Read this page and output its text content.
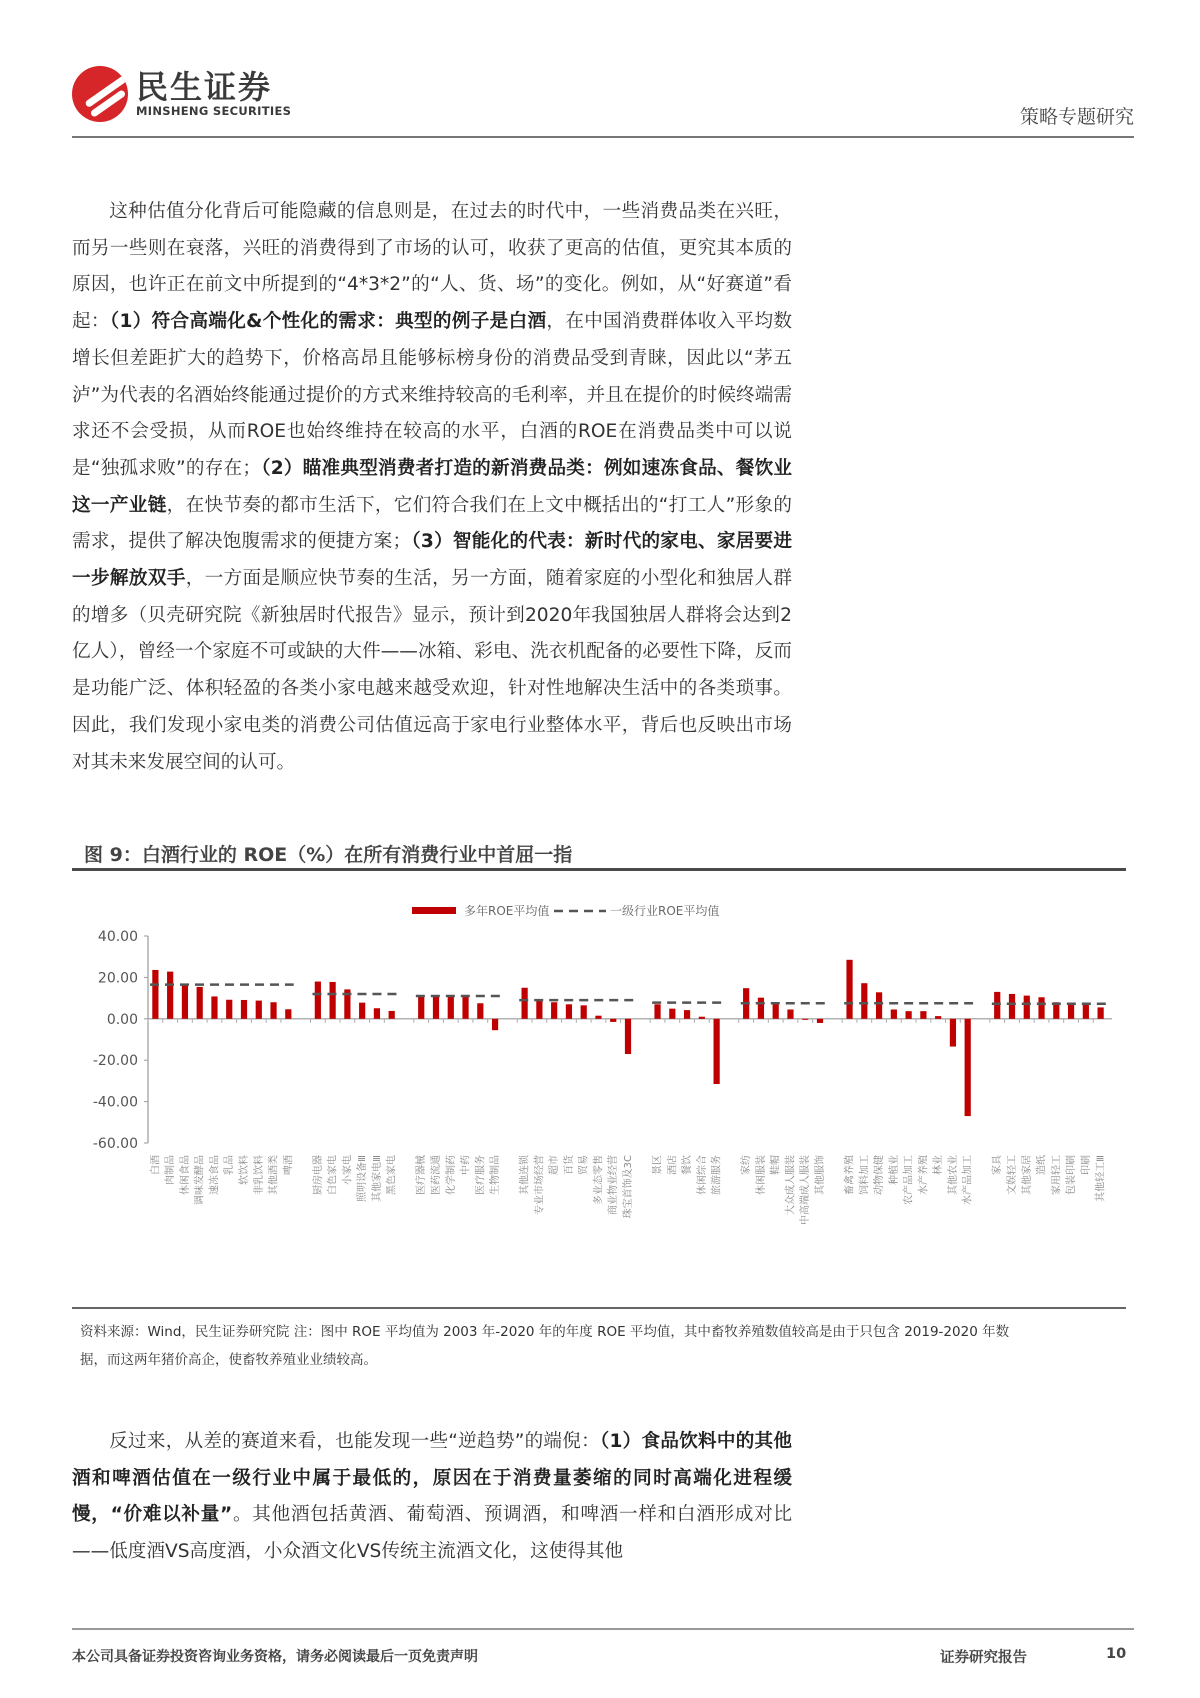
民生证券
MINSHENG SECURITIES	策略专题研究

这种估值分化背后可能隐藏的信息则是，在过去的时代中，一些消费品类在兴旺，而另一些则在衰落，兴旺的消费得到了市场的认可，收获了更高的估值，更究其本质的原因，也许正在前文中所提到的“4*3*2”的“人、货、场”的变化。例如，从“好赛道”看起：（1）符合高端化&个性化的需求：典型的例子是白酒，在中国消费群体收入平均数增长但差距扩大的趋势下，价格高昂且能够标榜身份的消费品受到青睐，因此以“茅五泸”为代表的名酒始终能通过提价的方式来维持较高的毛利率，并且在提价的时候终端需求还不会受损，从而ROE也始终维持在较高的水平，白酒的ROE在消费品类中可以说是“独孤求败”的存在；（2）瞄准典型消费者打造的新消费品类：例如速冻食品、餐饮业这一产业链，在快节奏的都市生活下，它们符合我们在上文中概括出的“打工人”形象的需求，提供了解决饱腹需求的便捷方案；（3）智能化的代表：新时代的家电、家居要进一步解放双手，一方面是顺应快节奏的生活，另一方面，随着家庭的小型化和独居人群的增多（贝壳研究院《新独居时代报告》显示，预计到2020年我国独居人群将会达到2亿人），曾经一个家庭不可或缺的大件——冰箱、彩电、洗衣机配备的必要性下降，反而是功能广泛、体积轻盈的各类小家电越来越受欢迎，针对性地解决生活中的各类琐事。因此，我们发现小家电类的消费公司估值远高于家电行业整体水平，背后也反映出市场对其未来发展空间的认可。

图 9：白酒行业的 ROE（%）在所有消费行业中首屈一指
多年ROE平均值	一级行业ROE平均值
40.00
20.00
0.00
-20.00
-40.00
-60.00
白酒 肉制品 休闲食品 调味发酵品 速冻食品 乳品 软饮料 非乳饮料 其他酒类 啤酒 厨房电器 白色家电 小家电 照明设备Ⅲ 其他家电Ⅲ 黑色家电 医疗器械 医药流通 化学制药 中药 医疗服务 生物制品 其他连锁 专业市场经营 超市 百货 贸易 多业态零售 商业物业经营 珠宝首饰及3C 景区 酒店 餐饮 休闲综合 旅游服务 家纺 休闲服装 鞋帽 大众成人服装 中高端成人服装 其他服饰 畜禽养殖 饲料加工 动物保健 种植业 农产品加工 水产养殖 林业 其他农业 水产品加工 家具 文娱轻工 其他家居 造纸 家用轻工 包装印刷 印刷 其他轻工Ⅲ
资料来源：Wind，民生证券研究院 注：图中 ROE 平均值为 2003 年-2020 年的年度 ROE 平均值，其中畜牧养殖数值较高是由于只包含 2019-2020 年数
据，而这两年猪价高企，使畜牧养殖业业绩较高。

反过来，从差的赛道来看，也能发现一些“逆趋势”的端倪：（1）食品饮料中的其他酒和啤酒估值在一级行业中属于最低的，原因在于消费量萎缩的同时高端化进程缓慢，“价难以补量”。其他酒包括黄酒、葡萄酒、预调酒，和啤酒一样和白酒形成对比——低度酒VS高度酒，小众酒文化VS传统主流酒文化，这使得其他

本公司具备证券投资咨询业务资格，请务必阅读最后一页免责声明	证券研究报告	10
